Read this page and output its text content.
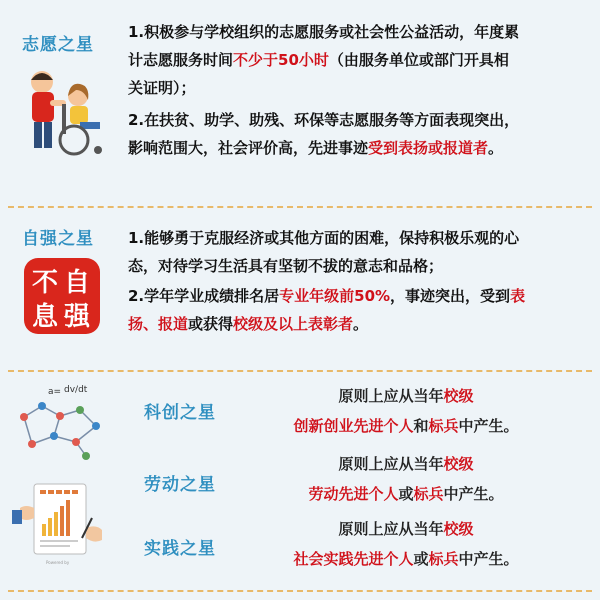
志愿之星
1.积极参与学校组织的志愿服务或社会性公益活动，年度累
计志愿服务时间不少于50小时（由服务单位或部门开具相
关证明）；
2.在扶贫、助学、助残、环保等志愿服务等方面表现突出，
影响范围大，社会评价高，先进事迹受到表扬或报道者。
自强之星
自
强
不
息
1.能够勇于克服经济或其他方面的困难，保持积极乐观的心
态，对待学习生活具有坚韧不拔的意志和品格；
2.学年学业成绩排名居专业年级前50%，事迹突出，受到表
扬、报道或获得校级及以上表彰者。
a= dv/dt
科创之星
原则上应从当年校级
创新创业先进个人和标兵中产生。
Powered by
劳动之星
原则上应从当年校级
劳动先进个人或标兵中产生。
实践之星
原则上应从当年校级
社会实践先进个人或标兵中产生。
